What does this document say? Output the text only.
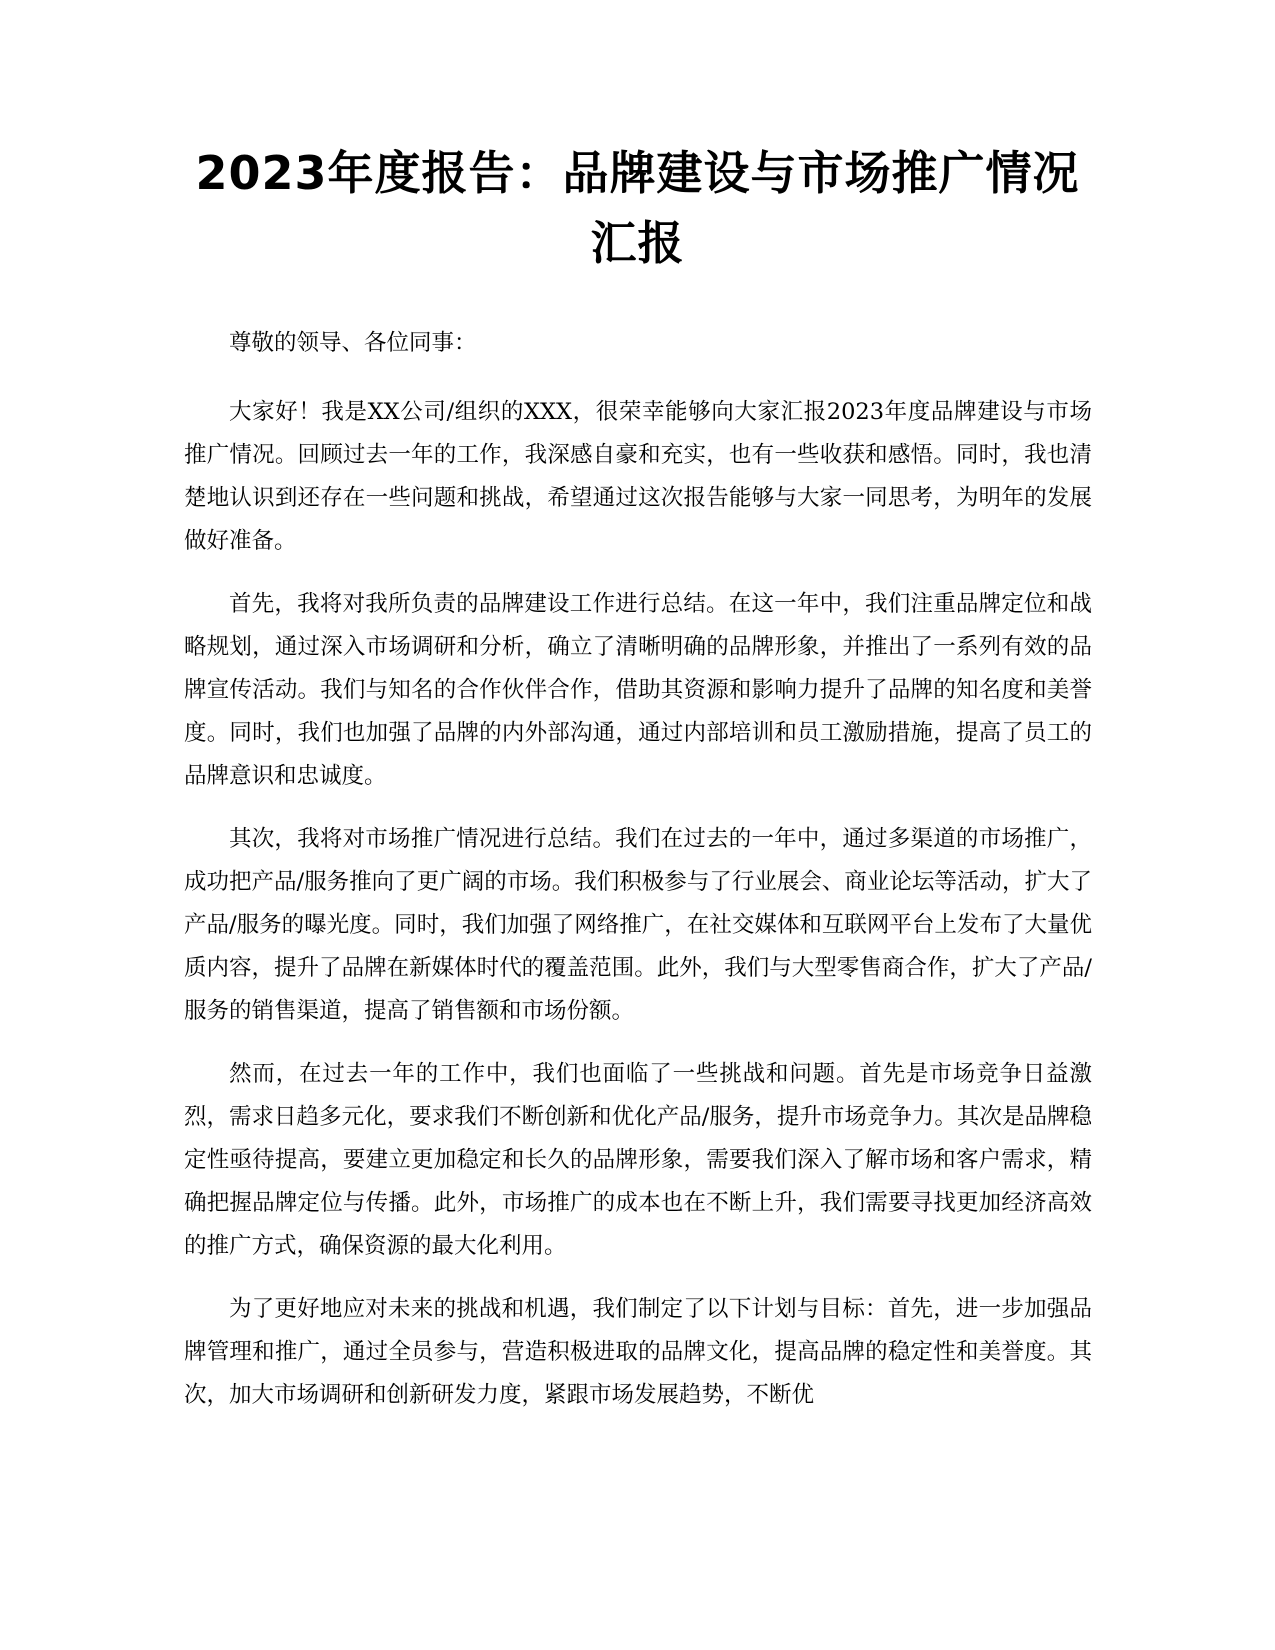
2023年度报告：品牌建设与市场推广情况汇报

尊敬的领导、各位同事：

大家好！我是XX公司/组织的XXX，很荣幸能够向大家汇报2023年度品牌建设与市场推广情况。回顾过去一年的工作，我深感自豪和充实，也有一些收获和感悟。同时，我也清楚地认识到还存在一些问题和挑战，希望通过这次报告能够与大家一同思考，为明年的发展做好准备。

首先，我将对我所负责的品牌建设工作进行总结。在这一年中，我们注重品牌定位和战略规划，通过深入市场调研和分析，确立了清晰明确的品牌形象，并推出了一系列有效的品牌宣传活动。我们与知名的合作伙伴合作，借助其资源和影响力提升了品牌的知名度和美誉度。同时，我们也加强了品牌的内外部沟通，通过内部培训和员工激励措施，提高了员工的品牌意识和忠诚度。

其次，我将对市场推广情况进行总结。我们在过去的一年中，通过多渠道的市场推广，成功把产品/服务推向了更广阔的市场。我们积极参与了行业展会、商业论坛等活动，扩大了产品/服务的曝光度。同时，我们加强了网络推广，在社交媒体和互联网平台上发布了大量优质内容，提升了品牌在新媒体时代的覆盖范围。此外，我们与大型零售商合作，扩大了产品/服务的销售渠道，提高了销售额和市场份额。

然而，在过去一年的工作中，我们也面临了一些挑战和问题。首先是市场竞争日益激烈，需求日趋多元化，要求我们不断创新和优化产品/服务，提升市场竞争力。其次是品牌稳定性亟待提高，要建立更加稳定和长久的品牌形象，需要我们深入了解市场和客户需求，精确把握品牌定位与传播。此外，市场推广的成本也在不断上升，我们需要寻找更加经济高效的推广方式，确保资源的最大化利用。

为了更好地应对未来的挑战和机遇，我们制定了以下计划与目标：首先，进一步加强品牌管理和推广，通过全员参与，营造积极进取的品牌文化，提高品牌的稳定性和美誉度。其次，加大市场调研和创新研发力度，紧跟市场发展趋势，不断优
